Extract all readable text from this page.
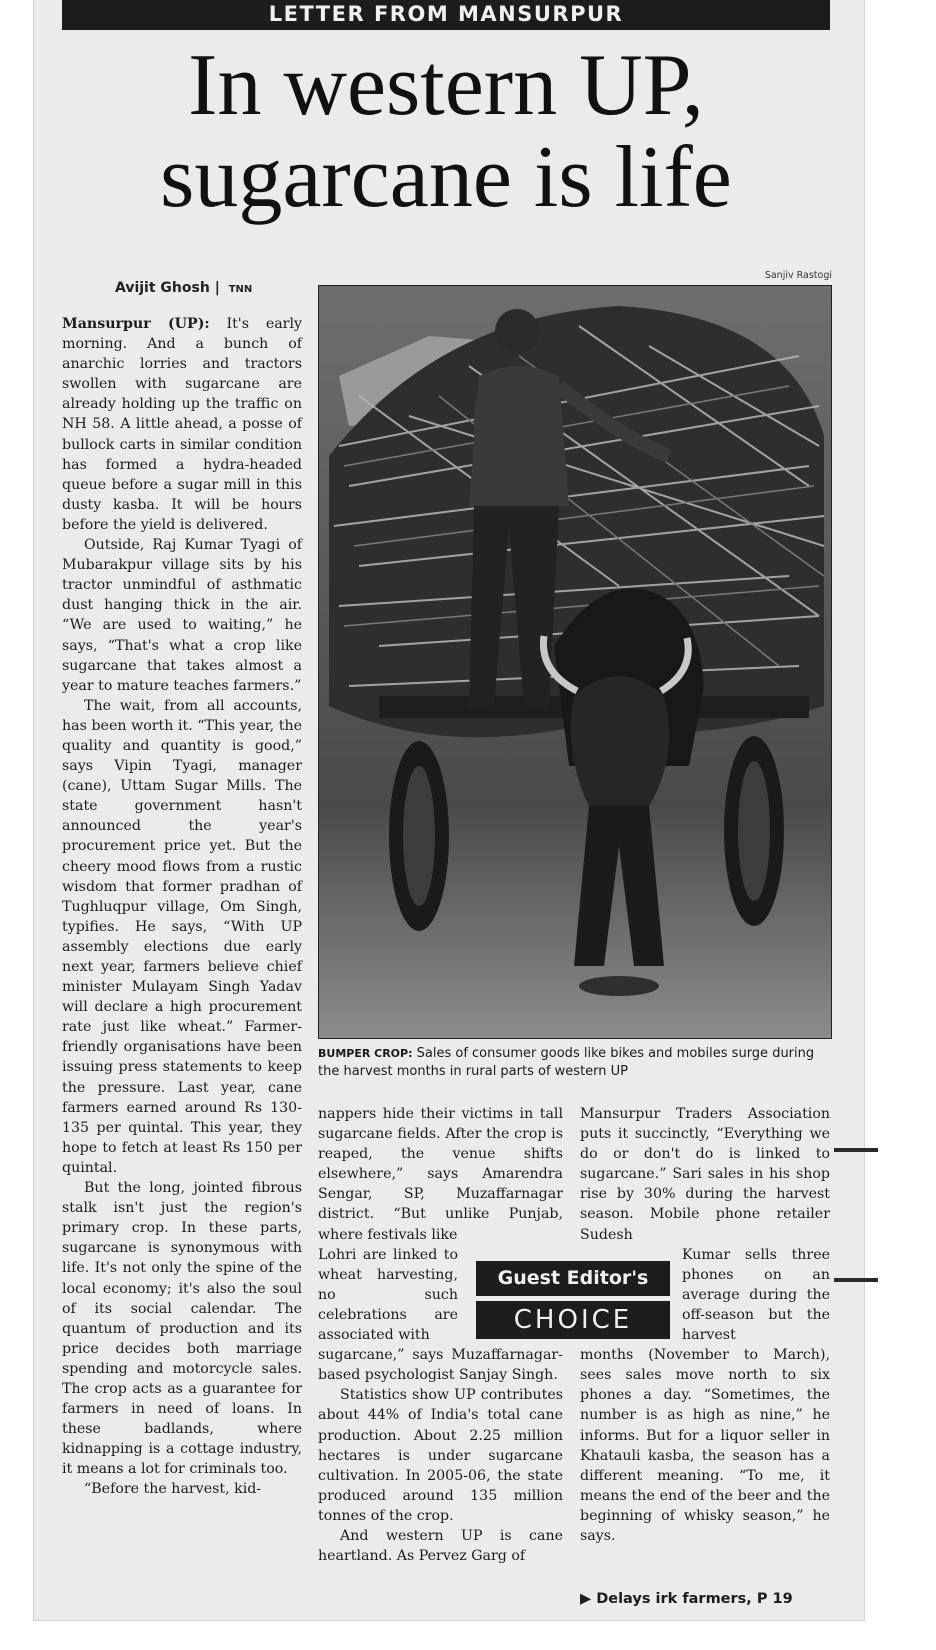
LETTER FROM MANSURPUR
In western UP,
sugarcane is life
Avijit Ghosh | TNN
Sanjiv Rastogi
BUMPER CROP: Sales of consumer goods like bikes and mobiles surge during the harvest months in rural parts of western UP

Mansurpur (UP): It's early morning. And a bunch of anarchic lorries and tractors swollen with sugarcane are already holding up the traffic on NH 58. A little ahead, a posse of bullock carts in similar condition has formed a hydra-headed queue before a sugar mill in this dusty kasba. It will be hours before the yield is delivered.

Outside, Raj Kumar Tyagi of Mubarakpur village sits by his tractor unmindful of asthmatic dust hanging thick in the air. “We are used to waiting,” he says, “That's what a crop like sugarcane that takes almost a year to mature teaches farmers.”

The wait, from all accounts, has been worth it. “This year, the quality and quantity is good,” says Vipin Tyagi, manager (cane), Uttam Sugar Mills. The state government hasn't announced the year's procurement price yet. But the cheery mood flows from a rustic wisdom that former pradhan of Tughluqpur village, Om Singh, typifies. He says, “With UP assembly elections due early next year, farmers believe chief minister Mulayam Singh Yadav will declare a high procurement rate just like wheat.” Farmer-friendly organisations have been issuing press statements to keep the pressure. Last year, cane farmers earned around Rs 130-135 per quintal. This year, they hope to fetch at least Rs 150 per quintal.

But the long, jointed fibrous stalk isn't just the region's primary crop. In these parts, sugarcane is synonymous with life. It's not only the spine of the local economy; it's also the soul of its social calendar. The quantum of production and its price decides both marriage spending and motorcycle sales. The crop acts as a guarantee for farmers in need of loans. In these badlands, where kidnapping is a cottage industry, it means a lot for criminals too.

“Before the harvest, kid-

nappers hide their victims in tall sugarcane fields. After the crop is reaped, the venue shifts elsewhere,” says Amarendra Sengar, SP, Muzaffarnagar district. “But unlike Punjab, where festivals like

Lohri are linked to wheat harvesting, no such celebrations are associated with

sugarcane,” says Muzaffarnagar-based psychologist Sanjay Singh.

Statistics show UP contributes about 44% of India's total cane production. About 2.25 million hectares is under sugarcane cultivation. In 2005-06, the state produced around 135 million tonnes of the crop.

And western UP is cane heartland. As Pervez Garg of

Mansurpur Traders Association puts it succinctly, “Everything we do or don't do is linked to sugarcane.” Sari sales in his shop rise by 30% during the harvest season. Mobile phone retailer Sudesh

Kumar sells three phones on an average during the off-season but the harvest

months (November to March), sees sales move north to six phones a day. “Sometimes, the number is as high as nine,” he informs. But for a liquor seller in Khatauli kasba, the season has a different meaning. “To me, it means the end of the beer and the beginning of whisky season,” he says.

Guest Editor's
CHOICE
▶ Delays irk farmers, P 19
